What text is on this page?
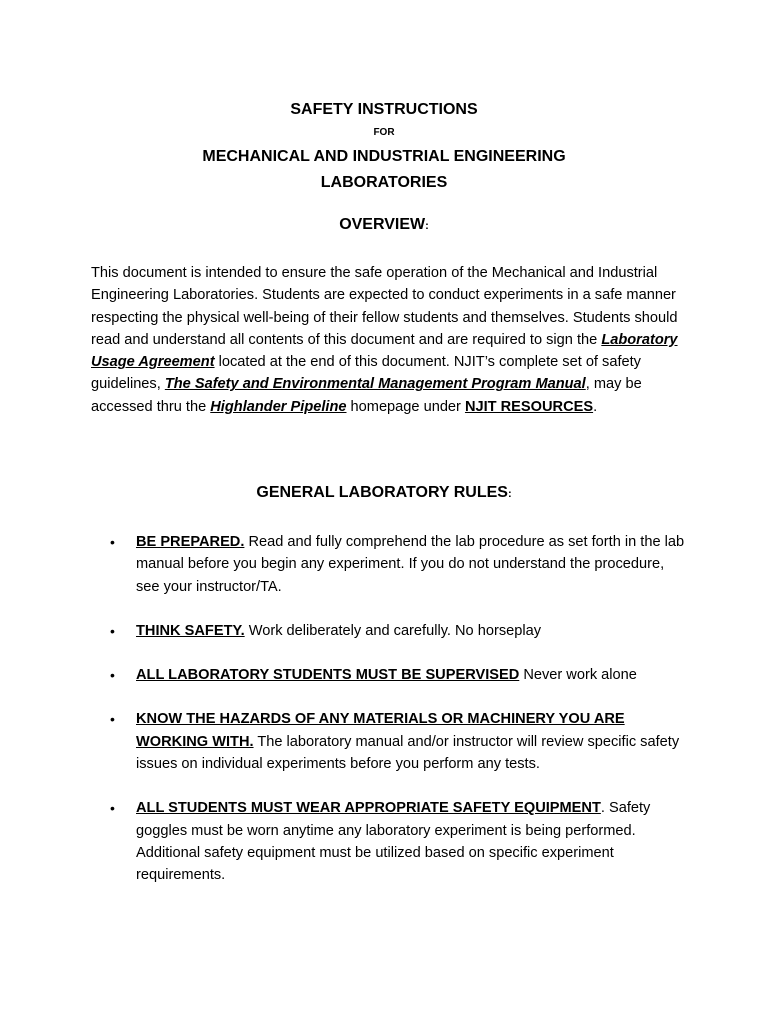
SAFETY INSTRUCTIONS
FOR
MECHANICAL AND INDUSTRIAL ENGINEERING
LABORATORIES
OVERVIEW:
This document is intended to ensure the safe operation of the Mechanical and Industrial Engineering Laboratories. Students are expected to conduct experiments in a safe manner respecting the physical well-being of their fellow students and themselves. Students should read and understand all contents of this document and are required to sign the Laboratory Usage Agreement located at the end of this document. NJIT’s complete set of safety guidelines, The Safety and Environmental Management Program Manual, may be accessed thru the Highlander Pipeline homepage under NJIT RESOURCES.
GENERAL LABORATORY RULES:
• BE PREPARED. Read and fully comprehend the lab procedure as set forth in the lab manual before you begin any experiment. If you do not understand the procedure, see your instructor/TA.
• THINK SAFETY. Work deliberately and carefully. No horseplay
• ALL LABORATORY STUDENTS MUST BE SUPERVISED Never work alone
• KNOW THE HAZARDS OF ANY MATERIALS OR MACHINERY YOU ARE WORKING WITH. The laboratory manual and/or instructor will review specific safety issues on individual experiments before you perform any tests.
• ALL STUDENTS MUST WEAR APPROPRIATE SAFETY EQUIPMENT. Safety goggles must be worn anytime any laboratory experiment is being performed. Additional safety equipment must be utilized based on specific experiment requirements.
